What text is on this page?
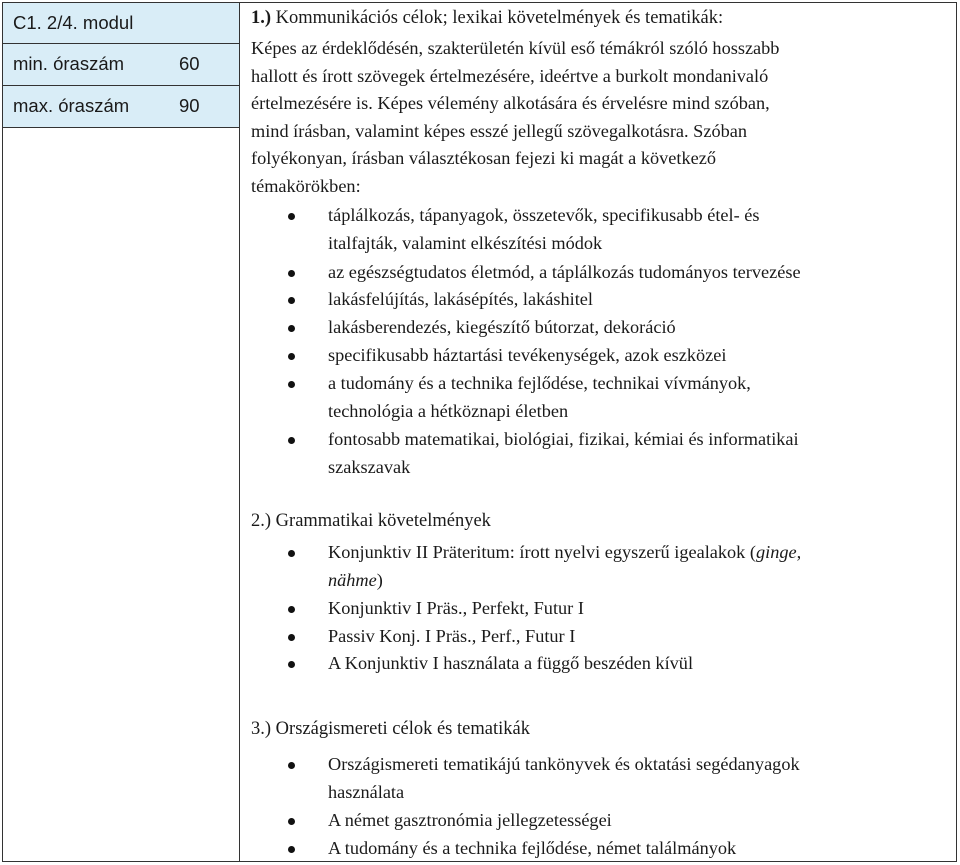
C1. 2/4. modul
min. óraszám	60
max. óraszám	90
1.) Kommunikációs célok; lexikai követelmények és tematikák:
Képes az érdeklődésén, szakterületén kívül eső témákról szóló hosszabb
hallott és írott szövegek értelmezésére, ideértve a burkolt mondanivaló
értelmezésére is. Képes vélemény alkotására és érvelésre mind szóban,
mind írásban, valamint képes esszé jellegű szövegalkotásra. Szóban
folyékonyan, írásban választékosan fejezi ki magát a következő
témakörökben:
táplálkozás, tápanyagok, összetevők, specifikusabb étel- és
italfajták, valamint elkészítési módok
az egészségtudatos életmód, a táplálkozás tudományos tervezése
lakásfelújítás, lakásépítés, lakáshitel
lakásberendezés, kiegészítő bútorzat, dekoráció
specifikusabb háztartási tevékenységek, azok eszközei
a tudomány és a technika fejlődése, technikai vívmányok,
technológia a hétköznapi életben
fontosabb matematikai, biológiai, fizikai, kémiai és informatikai
szakszavak
2.) Grammatikai követelmények
Konjunktiv II Präteritum: írott nyelvi egyszerű igealakok (ginge,
nähme)
Konjunktiv I Präs., Perfekt, Futur I
Passiv Konj. I Präs., Perf., Futur I
A Konjunktiv I használata a függő beszéden kívül
3.) Országismereti célok és tematikák
Országismereti tematikájú tankönyvek és oktatási segédanyagok
használata
A német gasztronómia jellegzetességei
A tudomány és a technika fejlődése, német találmányok
